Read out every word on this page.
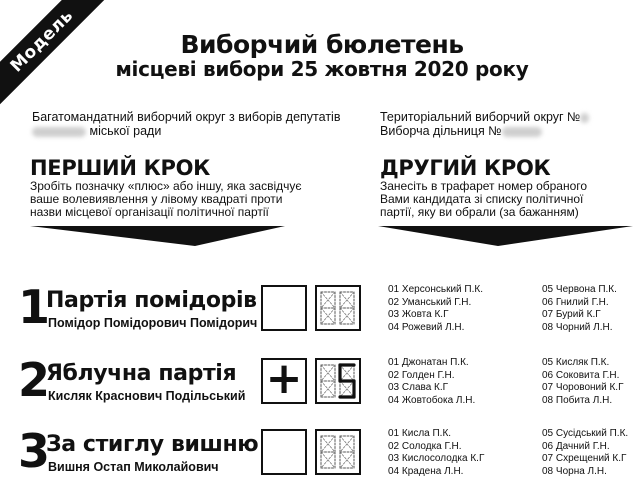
Модель	Виборчий бюлетень
місцеві вибори 25 жовтня 2020 року
Багатомандатний виборчий округ з виборів депутатів
міської ради
Територіальний виборчий округ №
Виборча дільниця №
ПЕРШИЙ КРОК
Зробіть позначку «плюс» або іншу, яка засвідчує ваше волевиявлення у лівому квадраті проти назви місцевої організації політичної партії
ДРУГИЙ КРОК
Занесіть в трафарет номер обраного Вами кандидата зі списку політичної партії, яку ви обрали (за бажанням)
1
Партія помідорів
Помідор Помідорович Помідорич
01 Херсонський П.К.
02 Уманський Г.Н.
03 Жовта К.Г
04 Рожевий Л.Н.
05 Червона П.К.
06 Гнилий Г.Н.
07 Бурий К.Г
08 Чорний Л.Н.
2
Яблучна партія
Кисляк Краснович Подільський +	01 Джонатан П.К.
02 Голден Г.Н.
03 Слава К.Г
04 Жовтобока Л.Н.
05 Кисляк П.К.
06 Соковита Г.Н.
07 Чоровоний К.Г
08 Побита Л.Н.
3
За стиглу вишню
Вишня Остап Миколайович
01 Кисла П.К.
02 Солодка Г.Н.
03 Кислосолодка К.Г
04 Крадена Л.Н.
05 Сусідський П.К.
06 Дачний Г.Н.
07 Схрещений К.Г
08 Чорна Л.Н.
